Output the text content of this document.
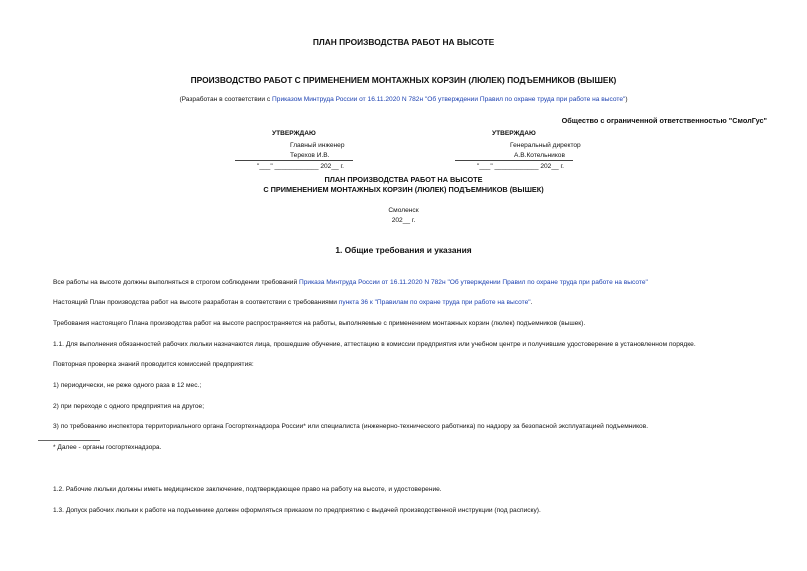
ПЛАН ПРОИЗВОДСТВА РАБОТ НА ВЫСОТЕ
ПРОИЗВОДСТВО РАБОТ С ПРИМЕНЕНИЕМ МОНТАЖНЫХ КОРЗИН (ЛЮЛЕК) ПОДЪЕМНИКОВ (ВЫШЕК)
(Разработан в соответствии с Приказом Минтруда России от 16.11.2020 N 782н "Об утверждении Правил по охране труда при работе на высоте")
Общество с ограниченной ответственностью "СмолГус"
УТВЕРЖДАЮ
Главный инженер
Терехов И.В.
"___" ____________ 202__ г.
УТВЕРЖДАЮ
Генеральный директор
А.В.Котельников
"___" ____________ 202__ г.
ПЛАН ПРОИЗВОДСТВА РАБОТ НА ВЫСОТЕ
С ПРИМЕНЕНИЕМ МОНТАЖНЫХ КОРЗИН (ЛЮЛЕК) ПОДЪЕМНИКОВ (ВЫШЕК)
Смоленск
202__ г.
1. Общие требования и указания
Все работы на высоте должны выполняться в строгом соблюдении требований Приказа Минтруда России от 16.11.2020 N 782н "Об утверждении Правил по охране труда при работе на высоте"
Настоящий План производства работ на высоте разработан в соответствии с требованиями пункта 36 к "Правилам по охране труда при работе на высоте".
Требования настоящего Плана производства работ на высоте распространяется на работы, выполняемые с применением монтажных корзин (люлек) подъемников (вышек).
1.1. Для выполнения обязанностей рабочих люльки назначаются лица, прошедшие обучение, аттестацию в комиссии предприятия или учебном центре и получившие удостоверение в установленном порядке.
Повторная проверка знаний проводится комиссией предприятия:
1) периодически, не реже одного раза в 12 мес.;
2) при переходе с одного предприятия на другое;
3) по требованию инспектора территориального органа Госгортехнадзора России* или специалиста (инженерно-технического работника) по надзору за безопасной эксплуатацией подъемников.
* Далее - органы госгортехнадзора.
1.2. Рабочие люльки должны иметь медицинское заключение, подтверждающее право на работу на высоте, и удостоверение.
1.3. Допуск рабочих люльки к работе на подъемнике должен оформляться приказом по предприятию с выдачей производственной инструкции (под расписку).
